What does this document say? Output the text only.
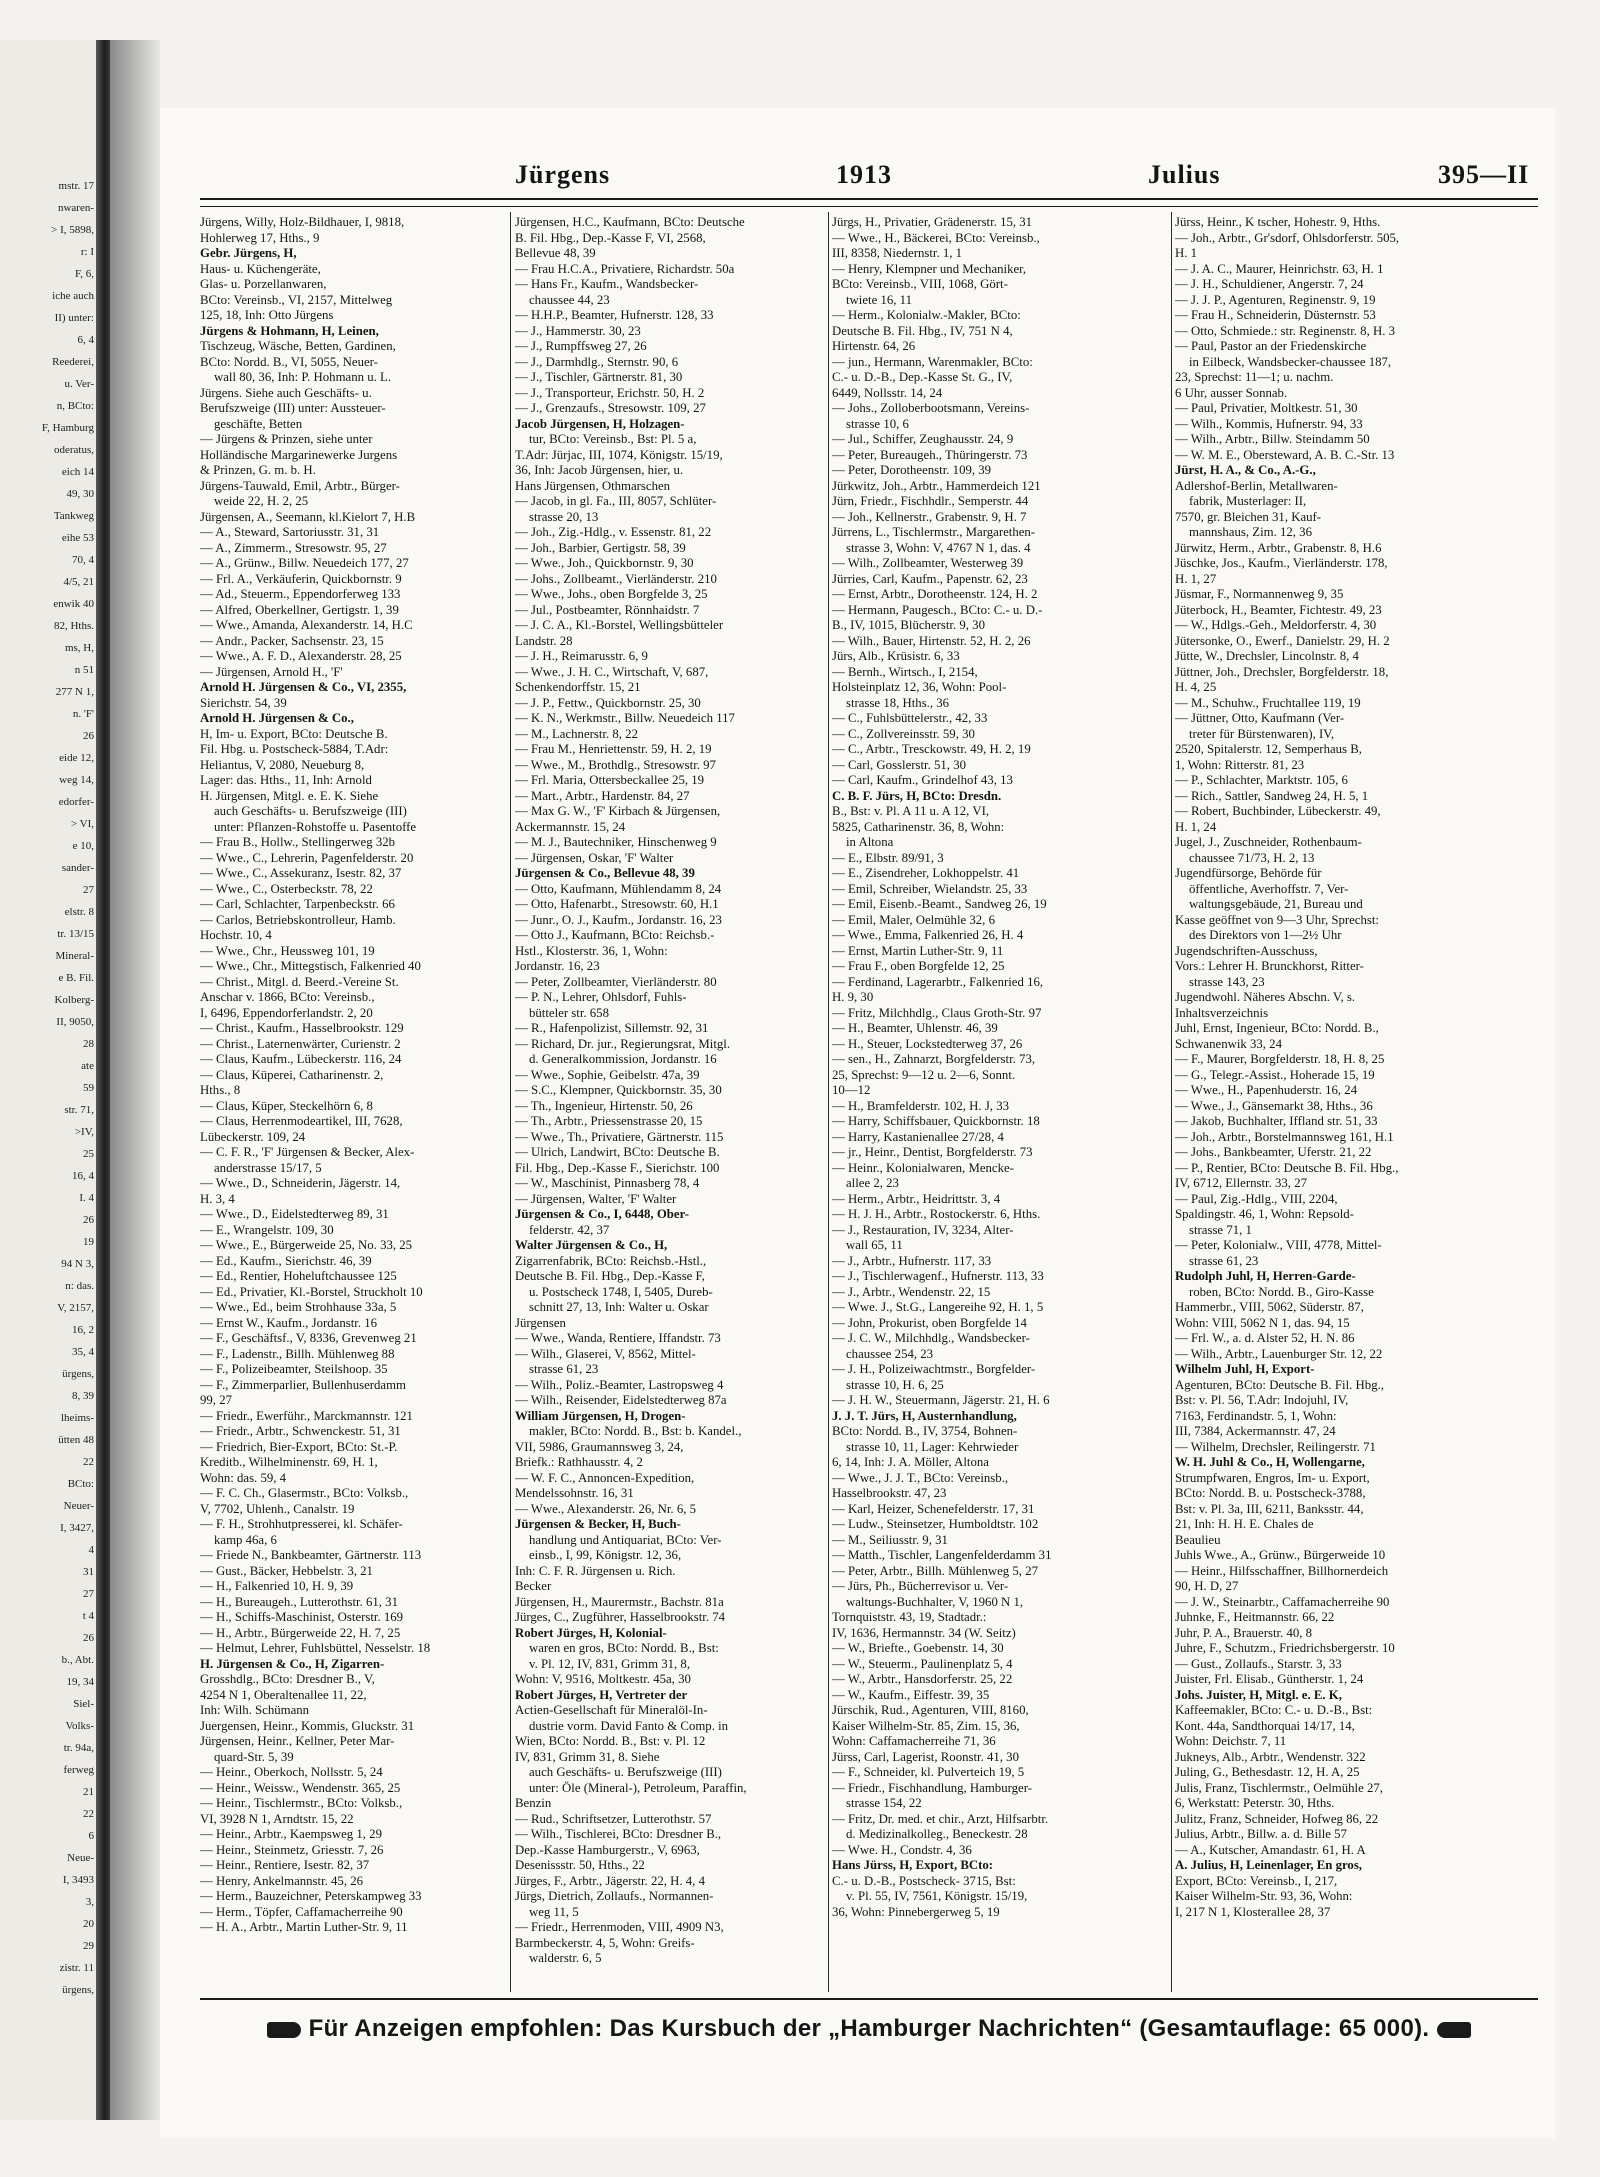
mstr. 17
nwaren-
> I, 5898,
r: I
F, 6,
iche auch
II) unter:
6, 4
Reederei,
u. Ver-
n, BCto:
F, Hamburg
oderatus,
eich 14
49, 30
Tankweg
eihe 53
70, 4
4/5, 21
enwik 40
82, Hths.
ms, H,
n 51
277 N 1,
n. 'F'
26
eide 12,
weg 14,
edorfer-
> VI,
e 10,
sander-
27
elstr. 8
tr. 13/15
Mineral-
e B. Fil.
Kolberg-
II, 9050,
28
ate
59
str. 71,
>IV,
25
16, 4
I. 4
26
19
94 N 3,
n: das.
V, 2157,
16, 2
35, 4
ürgens,
8, 39
lheims-
ütten 48
22
BCto:
Neuer-
I, 3427,
4
31
27
t 4
26
b., Abt.
19, 34
Siel-
Volks-
tr. 94a,
ferweg
21
22
6
Neue-
I, 3493
3,
20
29
zistr. 11
ürgens,
Jürgens	1913	Julius	395—II
Jürgens, Willy, Holz-Bildhauer, I, 9818,
Hohlerweg 17, Hths., 9
Gebr. Jürgens, H,
Haus- u. Küchengeräte,
Glas- u. Porzellanwaren,
BCto: Vereinsb., VI, 2157, Mittelweg
125, 18, Inh: Otto Jürgens
Jürgens & Hohmann, H, Leinen,
Tischzeug, Wäsche, Betten, Gardinen,
BCto: Nordd. B., VI, 5055, Neuer-
wall 80, 36, Inh: P. Hohmann u. L.
Jürgens. Siehe auch Geschäfts- u.
Berufszweige (III) unter: Aussteuer-
geschäfte, Betten
— Jürgens & Prinzen, siehe unter
Holländische Margarinewerke Jurgens
& Prinzen, G. m. b. H.
Jürgens-Tauwald, Emil, Arbtr., Bürger-
weide 22, H. 2, 25
Jürgensen, A., Seemann, kl.Kielort 7, H.B
— A., Steward, Sartoriusstr. 31, 31
— A., Zimmerm., Stresowstr. 95, 27
— A., Grünw., Billw. Neuedeich 177, 27
— Frl. A., Verkäuferin, Quickbornstr. 9
— Ad., Steuerm., Eppendorferweg 133
— Alfred, Oberkellner, Gertigstr. 1, 39
— Wwe., Amanda, Alexanderstr. 14, H.C
— Andr., Packer, Sachsenstr. 23, 15
— Wwe., A. F. D., Alexanderstr. 28, 25
— Jürgensen, Arnold H., 'F'
Arnold H. Jürgensen & Co., VI, 2355,
Sierichstr. 54, 39
Arnold H. Jürgensen & Co.,
H, Im- u. Export, BCto: Deutsche B.
Fil. Hbg. u. Postscheck-5884, T.Adr:
Heliantus, V, 2080, Neueburg 8,
Lager: das. Hths., 11, Inh: Arnold
H. Jürgensen, Mitgl. e. E. K. Siehe
auch Geschäfts- u. Berufszweige (III)
unter: Pflanzen-Rohstoffe u. Pasentoffe
— Frau B., Hollw., Stellingerweg 32b
— Wwe., C., Lehrerin, Pagenfelderstr. 20
— Wwe., C., Assekuranz, Isestr. 82, 37
— Wwe., C., Osterbeckstr. 78, 22
— Carl, Schlachter, Tarpenbeckstr. 66
— Carlos, Betriebskontrolleur, Hamb.
Hochstr. 10, 4
— Wwe., Chr., Heussweg 101, 19
— Wwe., Chr., Mittegstisch, Falkenried 40
— Christ., Mitgl. d. Beerd.-Vereine St.
Anschar v. 1866, BCto: Vereinsb.,
I, 6496, Eppendorferlandstr. 2, 20
— Christ., Kaufm., Hasselbrookstr. 129
— Christ., Laternenwärter, Curienstr. 2
— Claus, Kaufm., Lübeckerstr. 116, 24
— Claus, Küperei, Catharinenstr. 2,
Hths., 8
— Claus, Küper, Steckelhörn 6, 8
— Claus, Herrenmodeartikel, III, 7628,
Lübeckerstr. 109, 24
— C. F. R., 'F' Jürgensen & Becker, Alex-
anderstrasse 15/17, 5
— Wwe., D., Schneiderin, Jägerstr. 14,
H. 3, 4
— Wwe., D., Eidelstedterweg 89, 31
— E., Wrangelstr. 109, 30
— Wwe., E., Bürgerweide 25, No. 33, 25
— Ed., Kaufm., Sierichstr. 46, 39
— Ed., Rentier, Hoheluftchaussee 125
— Ed., Privatier, Kl.-Borstel, Struckholt 10
— Wwe., Ed., beim Strohhause 33a, 5
— Ernst W., Kaufm., Jordanstr. 16
— F., Geschäftsf., V, 8336, Grevenweg 21
— F., Ladenstr., Billh. Mühlenweg 88
— F., Polizeibeamter, Steilshoop. 35
— F., Zimmerparlier, Bullenhuserdamm
99, 27
— Friedr., Ewerführ., Marckmannstr. 121
— Friedr., Arbtr., Schwenckestr. 51, 31
— Friedrich, Bier-Export, BCto: St.-P.
Kreditb., Wilhelminenstr. 69, H. 1,
Wohn: das. 59, 4
— F. C. Ch., Glasermstr., BCto: Volksb.,
V, 7702, Uhlenh., Canalstr. 19
— F. H., Strohhutpresserei, kl. Schäfer-
kamp 46a, 6
— Friede N., Bankbeamter, Gärtnerstr. 113
— Gust., Bäcker, Hebbelstr. 3, 21
— H., Falkenried 10, H. 9, 39
— H., Bureaugeh., Lutterothstr. 61, 31
— H., Schiffs-Maschinist, Osterstr. 169
— H., Arbtr., Bürgerweide 22, H. 7, 25
— Helmut, Lehrer, Fuhlsbüttel, Nesselstr. 18
H. Jürgensen & Co., H, Zigarren-
Grosshdlg., BCto: Dresdner B., V,
4254 N 1, Oberaltenallee 11, 22,
Inh: Wilh. Schümann
Juergensen, Heinr., Kommis, Gluckstr. 31
Jürgensen, Heinr., Kellner, Peter Mar-
quard-Str. 5, 39
— Heinr., Oberkoch, Nollsstr. 5, 24
— Heinr., Weissw., Wendenstr. 365, 25
— Heinr., Tischlermstr., BCto: Volksb.,
VI, 3928 N 1, Arndtstr. 15, 22
— Heinr., Arbtr., Kaempsweg 1, 29
— Heinr., Steinmetz, Griesstr. 7, 26
— Heinr., Rentiere, Isestr. 82, 37
— Henry, Ankelmannstr. 45, 26
— Herm., Bauzeichner, Peterskampweg 33
— Herm., Töpfer, Caffamacherreihe 90
— H. A., Arbtr., Martin Luther-Str. 9, 11
Jürgensen, H.C., Kaufmann, BCto: Deutsche
B. Fil. Hbg., Dep.-Kasse F, VI, 2568,
Bellevue 48, 39
— Frau H.C.A., Privatiere, Richardstr. 50a
— Hans Fr., Kaufm., Wandsbecker-
chaussee 44, 23
— H.H.P., Beamter, Hufnerstr. 128, 33
— J., Hammerstr. 30, 23
— J., Rumpffsweg 27, 26
— J., Darmhdlg., Sternstr. 90, 6
— J., Tischler, Gärtnerstr. 81, 30
— J., Transporteur, Erichstr. 50, H. 2
— J., Grenzaufs., Stresowstr. 109, 27
Jacob Jürgensen, H, Holzagen-
tur, BCto: Vereinsb., Bst: Pl. 5 a,
T.Adr: Jürjac, III, 1074, Königstr. 15/19,
36, Inh: Jacob Jürgensen, hier, u.
Hans Jürgensen, Othmarschen
— Jacob, in gl. Fa., III, 8057, Schlüter-
strasse 20, 13
— Joh., Zig.-Hdlg., v. Essenstr. 81, 22
— Joh., Barbier, Gertigstr. 58, 39
— Wwe., Joh., Quickbornstr. 9, 30
— Johs., Zollbeamt., Vierländerstr. 210
— Wwe., Johs., oben Borgfelde 3, 25
— Jul., Postbeamter, Rönnhaidstr. 7
— J. C. A., Kl.-Borstel, Wellingsbütteler
Landstr. 28
— J. H., Reimarusstr. 6, 9
— Wwe., J. H. C., Wirtschaft, V, 687,
Schenkendorffstr. 15, 21
— J. P., Fettw., Quickbornstr. 25, 30
— K. N., Werkmstr., Billw. Neuedeich 117
— M., Lachnerstr. 8, 22
— Frau M., Henriettenstr. 59, H. 2, 19
— Wwe., M., Brothdlg., Stresowstr. 97
— Frl. Maria, Ottersbeckallee 25, 19
— Mart., Arbtr., Hardenstr. 84, 27
— Max G. W., 'F' Kirbach & Jürgensen,
Ackermannstr. 15, 24
— M. J., Bautechniker, Hinschenweg 9
— Jürgensen, Oskar, 'F' Walter
Jürgensen & Co., Bellevue 48, 39
— Otto, Kaufmann, Mühlendamm 8, 24
— Otto, Hafenarbt., Stresowstr. 60, H.1
— Junr., O. J., Kaufm., Jordanstr. 16, 23
— Otto J., Kaufmann, BCto: Reichsb.-
Hstl., Klosterstr. 36, 1, Wohn:
Jordanstr. 16, 23
— Peter, Zollbeamter, Vierländerstr. 80
— P. N., Lehrer, Ohlsdorf, Fuhls-
bütteler str. 658
— R., Hafenpolizist, Sillemstr. 92, 31
— Richard, Dr. jur., Regierungsrat, Mitgl.
d. Generalkommission, Jordanstr. 16
— Wwe., Sophie, Geibelstr. 47a, 39
— S.C., Klempner, Quickbornstr. 35, 30
— Th., Ingenieur, Hirtenstr. 50, 26
— Th., Arbtr., Priessenstrasse 20, 15
— Wwe., Th., Privatiere, Gärtnerstr. 115
— Ulrich, Landwirt, BCto: Deutsche B.
Fil. Hbg., Dep.-Kasse F., Sierichstr. 100
— W., Maschinist, Pinnasberg 78, 4
— Jürgensen, Walter, 'F' Walter
Jürgensen & Co., I, 6448, Ober-
felderstr. 42, 37
Walter Jürgensen & Co., H,
Zigarrenfabrik, BCto: Reichsb.-Hstl.,
Deutsche B. Fil. Hbg., Dep.-Kasse F,
u. Postscheck 1748, I, 5405, Dureb-
schnitt 27, 13, Inh: Walter u. Oskar
Jürgensen
— Wwe., Wanda, Rentiere, Iffandstr. 73
— Wilh., Glaserei, V, 8562, Mittel-
strasse 61, 23
— Wilh., Poliz.-Beamter, Lastropsweg 4
— Wilh., Reisender, Eidelstedterweg 87a
William Jürgensen, H, Drogen-
makler, BCto: Nordd. B., Bst: b. Kandel.,
VII, 5986, Graumannsweg 3, 24,
Briefk.: Rathhausstr. 4, 2
— W. F. C., Annoncen-Expedition,
Mendelssohnstr. 16, 31
— Wwe., Alexanderstr. 26, Nr. 6, 5
Jürgensen & Becker, H, Buch-
handlung und Antiquariat, BCto: Ver-
einsb., I, 99, Königstr. 12, 36,
Inh: C. F. R. Jürgensen u. Rich.
Becker
Jürgensen, H., Maurermstr., Bachstr. 81a
Jürges, C., Zugführer, Hasselbrookstr. 74
Robert Jürges, H, Kolonial-
waren en gros, BCto: Nordd. B., Bst:
v. Pl. 12, IV, 831, Grimm 31, 8,
Wohn: V, 9516, Moltkestr. 45a, 30
Robert Jürges, H, Vertreter der
Actien-Gesellschaft für Mineralöl-In-
dustrie vorm. David Fanto & Comp. in
Wien, BCto: Nordd. B., Bst: v. Pl. 12
IV, 831, Grimm 31, 8. Siehe
auch Geschäfts- u. Berufszweige (III)
unter: Öle (Mineral-), Petroleum, Paraffin,
Benzin
— Rud., Schriftsetzer, Lutterothstr. 57
— Wilh., Tischlerei, BCto: Dresdner B.,
Dep.-Kasse Hamburgerstr., V, 6963,
Desenissstr. 50, Hths., 22
Jürges, F., Arbtr., Jägerstr. 22, H. 4, 4
Jürgs, Dietrich, Zollaufs., Normannen-
weg 11, 5
— Friedr., Herrenmoden, VIII, 4909 N3,
Barmbeckerstr. 4, 5, Wohn: Greifs-
walderstr. 6, 5
Jürgs, H., Privatier, Grädenerstr. 15, 31
— Wwe., H., Bäckerei, BCto: Vereinsb.,
III, 8358, Niedernstr. 1, 1
— Henry, Klempner und Mechaniker,
BCto: Vereinsb., VIII, 1068, Gört-
twiete 16, 11
— Herm., Kolonialw.-Makler, BCto:
Deutsche B. Fil. Hbg., IV, 751 N 4,
Hirtenstr. 64, 26
— jun., Hermann, Warenmakler, BCto:
C.- u. D.-B., Dep.-Kasse St. G., IV,
6449, Nollsstr. 14, 24
— Johs., Zolloberbootsmann, Vereins-
strasse 10, 6
— Jul., Schiffer, Zeughausstr. 24, 9
— Peter, Bureaugeh., Thüringerstr. 73
— Peter, Dorotheenstr. 109, 39
Jürkwitz, Joh., Arbtr., Hammerdeich 121
Jürn, Friedr., Fischhdlr., Semperstr. 44
— Joh., Kellnerstr., Grabenstr. 9, H. 7
Jürrens, L., Tischlermstr., Margarethen-
strasse 3, Wohn: V, 4767 N 1, das. 4
— Wilh., Zollbeamter, Westerweg 39
Jürries, Carl, Kaufm., Papenstr. 62, 23
— Ernst, Arbtr., Dorotheenstr. 124, H. 2
— Hermann, Paugesch., BCto: C.- u. D.-
B., IV, 1015, Blücherstr. 9, 30
— Wilh., Bauer, Hirtenstr. 52, H. 2, 26
Jürs, Alb., Krüsistr. 6, 33
— Bernh., Wirtsch., I, 2154,
Holsteinplatz 12, 36, Wohn: Pool-
strasse 18, Hths., 36
— C., Fuhlsbüttelerstr., 42, 33
— C., Zollvereinsstr. 59, 30
— C., Arbtr., Tresckowstr. 49, H. 2, 19
— Carl, Gosslerstr. 51, 30
— Carl, Kaufm., Grindelhof 43, 13
C. B. F. Jürs, H, BCto: Dresdn.
B., Bst: v. Pl. A 11 u. A 12, VI,
5825, Catharinenstr. 36, 8, Wohn:
in Altona
— E., Elbstr. 89/91, 3
— E., Zisendreher, Lokhoppelstr. 41
— Emil, Schreiber, Wielandstr. 25, 33
— Emil, Eisenb.-Beamt., Sandweg 26, 19
— Emil, Maler, Oelmühle 32, 6
— Wwe., Emma, Falkenried 26, H. 4
— Ernst, Martin Luther-Str. 9, 11
— Frau F., oben Borgfelde 12, 25
— Ferdinand, Lagerarbtr., Falkenried 16,
H. 9, 30
— Fritz, Milchhdlg., Claus Groth-Str. 97
— H., Beamter, Uhlenstr. 46, 39
— H., Steuer, Lockstedterweg 37, 26
— sen., H., Zahnarzt, Borgfelderstr. 73,
25, Sprechst: 9—12 u. 2—6, Sonnt.
10—12
— H., Bramfelderstr. 102, H. J, 33
— Harry, Schiffsbauer, Quickbornstr. 18
— Harry, Kastanienallee 27/28, 4
— jr., Heinr., Dentist, Borgfelderstr. 73
— Heinr., Kolonialwaren, Mencke-
allee 2, 23
— Herm., Arbtr., Heidrittstr. 3, 4
— H. J. H., Arbtr., Rostockerstr. 6, Hths.
— J., Restauration, IV, 3234, Alter-
wall 65, 11
— J., Arbtr., Hufnerstr. 117, 33
— J., Tischlerwagenf., Hufnerstr. 113, 33
— J., Arbtr., Wendenstr. 22, 15
— Wwe. J., St.G., Langereihe 92, H. 1, 5
— John, Prokurist, oben Borgfelde 14
— J. C. W., Milchhdlg., Wandsbecker-
chaussee 254, 23
— J. H., Polizeiwachtmstr., Borgfelder-
strasse 10, H. 6, 25
— J. H. W., Steuermann, Jägerstr. 21, H. 6
J. J. T. Jürs, H, Austernhandlung,
BCto: Nordd. B., IV, 3754, Bohnen-
strasse 10, 11, Lager: Kehrwieder
6, 14, Inh: J. A. Möller, Altona
— Wwe., J. J. T., BCto: Vereinsb.,
Hasselbrookstr. 47, 23
— Karl, Heizer, Schenefelderstr. 17, 31
— Ludw., Steinsetzer, Humboldtstr. 102
— M., Seiliusstr. 9, 31
— Matth., Tischler, Langenfelderdamm 31
— Peter, Arbtr., Billh. Mühlenweg 5, 27
— Jürs, Ph., Bücherrevisor u. Ver-
waltungs-Buchhalter, V, 1960 N 1,
Tornquiststr. 43, 19, Stadtadr.:
IV, 1636, Hermannstr. 34 (W. Seitz)
— W., Briefte., Goebenstr. 14, 30
— W., Steuerm., Paulinenplatz 5, 4
— W., Arbtr., Hansdorferstr. 25, 22
— W., Kaufm., Eiffestr. 39, 35
Jürschik, Rud., Agenturen, VIII, 8160,
Kaiser Wilhelm-Str. 85, Zim. 15, 36,
Wohn: Caffamacherreihe 71, 36
Jürss, Carl, Lagerist, Roonstr. 41, 30
— F., Schneider, kl. Pulverteich 19, 5
— Friedr., Fischhandlung, Hamburger-
strasse 154, 22
— Fritz, Dr. med. et chir., Arzt, Hilfsarbtr.
d. Medizinalkolleg., Beneckestr. 28
— Wwe. H., Condstr. 4, 36
Hans Jürss, H, Export, BCto:
C.- u. D.-B., Postscheck- 3715, Bst:
v. Pl. 55, IV, 7561, Königstr. 15/19,
36, Wohn: Pinnebergerweg 5, 19
Jürss, Heinr., K tscher, Hohestr. 9, Hths.
— Joh., Arbtr., Gr'sdorf, Ohlsdorferstr. 505,
H. 1
— J. A. C., Maurer, Heinrichstr. 63, H. 1
— J. H., Schuldiener, Angerstr. 7, 24
— J. J. P., Agenturen, Reginenstr. 9, 19
— Frau H., Schneiderin, Düsternstr. 53
— Otto, Schmiede.: str. Reginenstr. 8, H. 3
— Paul, Pastor an der Friedenskirche
in Eilbeck, Wandsbecker-chaussee 187,
23, Sprechst: 11—1; u. nachm.
6 Uhr, ausser Sonnab.
— Paul, Privatier, Moltkestr. 51, 30
— Wilh., Kommis, Hufnerstr. 94, 33
— Wilh., Arbtr., Billw. Steindamm 50
— W. M. E., Obersteward, A. B. C.-Str. 13
Jürst, H. A., & Co., A.-G.,
Adlershof-Berlin, Metallwaren-
fabrik, Musterlager: II,
7570, gr. Bleichen 31, Kauf-
mannshaus, Zim. 12, 36
Jürwitz, Herm., Arbtr., Grabenstr. 8, H.6
Jüschke, Jos., Kaufm., Vierländerstr. 178,
H. 1, 27
Jüsmar, F., Normannenweg 9, 35
Jüterbock, H., Beamter, Fichtestr. 49, 23
— W., Hdlgs.-Geh., Meldorferstr. 4, 30
Jütersonke, O., Ewerf., Danielstr. 29, H. 2
Jütte, W., Drechsler, Lincolnstr. 8, 4
Jüttner, Joh., Drechsler, Borgfelderstr. 18,
H. 4, 25
— M., Schuhw., Fruchtallee 119, 19
— Jüttner, Otto, Kaufmann (Ver-
treter für Bürstenwaren), IV,
2520, Spitalerstr. 12, Semperhaus B,
1, Wohn: Ritterstr. 81, 23
— P., Schlachter, Marktstr. 105, 6
— Rich., Sattler, Sandweg 24, H. 5, 1
— Robert, Buchbinder, Lübeckerstr. 49,
H. 1, 24
Jugel, J., Zuschneider, Rothenbaum-
chaussee 71/73, H. 2, 13
Jugendfürsorge, Behörde für
öffentliche, Averhoffstr. 7, Ver-
waltungsgebäude, 21, Bureau und
Kasse geöffnet von 9—3 Uhr, Sprechst:
des Direktors von 1—2½ Uhr
Jugendschriften-Ausschuss,
Vors.: Lehrer H. Brunckhorst, Ritter-
strasse 143, 23
Jugendwohl. Näheres Abschn. V, s.
Inhaltsverzeichnis
Juhl, Ernst, Ingenieur, BCto: Nordd. B.,
Schwanenwik 33, 24
— F., Maurer, Borgfelderstr. 18, H. 8, 25
— G., Telegr.-Assist., Hoherade 15, 19
— Wwe., H., Papenhuderstr. 16, 24
— Wwe., J., Gänsemarkt 38, Hths., 36
— Jakob, Buchhalter, Iffland str. 51, 33
— Joh., Arbtr., Borstelmannsweg 161, H.1
— Johs., Bankbeamter, Uferstr. 21, 22
— P., Rentier, BCto: Deutsche B. Fil. Hbg.,
IV, 6712, Ellernstr. 33, 27
— Paul, Zig.-Hdlg., VIII, 2204,
Spaldingstr. 46, 1, Wohn: Repsold-
strasse 71, 1
— Peter, Kolonialw., VIII, 4778, Mittel-
strasse 61, 23
Rudolph Juhl, H, Herren-Garde-
roben, BCto: Nordd. B., Giro-Kasse
Hammerbr., VIII, 5062, Süderstr. 87,
Wohn: VIII, 5062 N 1, das. 94, 15
— Frl. W., a. d. Alster 52, H. N. 86
— Wilh., Arbtr., Lauenburger Str. 12, 22
Wilhelm Juhl, H, Export-
Agenturen, BCto: Deutsche B. Fil. Hbg.,
Bst: v. Pl. 56, T.Adr: Indojuhl, IV,
7163, Ferdinandstr. 5, 1, Wohn:
III, 7384, Ackermannstr. 47, 24
— Wilhelm, Drechsler, Reilingerstr. 71
W. H. Juhl & Co., H, Wollengarne,
Strumpfwaren, Engros, Im- u. Export,
BCto: Nordd. B. u. Postscheck-3788,
Bst: v. Pl. 3a, III, 6211, Banksstr. 44,
21, Inh: H. H. E. Chales de
Beaulieu
Juhls Wwe., A., Grünw., Bürgerweide 10
— Heinr., Hilfsschaffner, Billhornerdeich
90, H. D, 27
— J. W., Steinarbtr., Caffamacherreihe 90
Juhnke, F., Heitmannstr. 66, 22
Juhr, P. A., Brauerstr. 40, 8
Juhre, F., Schutzm., Friedrichsbergerstr. 10
— Gust., Zollaufs., Starstr. 3, 33
Juister, Frl. Elisab., Güntherstr. 1, 24
Johs. Juister, H, Mitgl. e. E. K,
Kaffeemakler, BCto: C.- u. D.-B., Bst:
Kont. 44a, Sandthorquai 14/17, 14,
Wohn: Deichstr. 7, 11
Jukneys, Alb., Arbtr., Wendenstr. 322
Juling, G., Bethesdastr. 12, H. A, 25
Julis, Franz, Tischlermstr., Oelmühle 27,
6, Werkstatt: Peterstr. 30, Hths.
Julitz, Franz, Schneider, Hofweg 86, 22
Julius, Arbtr., Billw. a. d. Bille 57
— A., Kutscher, Amandastr. 61, H. A
A. Julius, H, Leinenlager, En gros,
Export, BCto: Vereinsb., I, 217,
Kaiser Wilhelm-Str. 93, 36, Wohn:
I, 217 N 1, Klosterallee 28, 37
Für Anzeigen empfohlen: Das Kursbuch der „Hamburger Nachrichten“ (Gesamtauflage: 65 000).
